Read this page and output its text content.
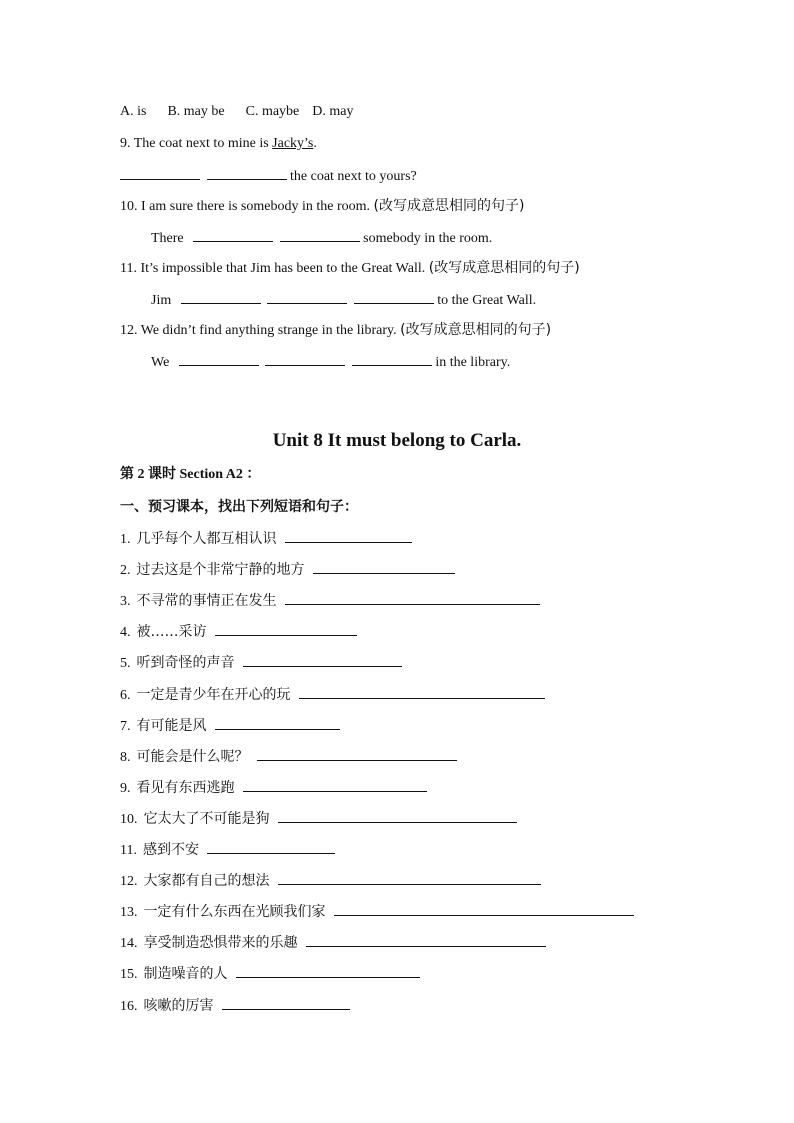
A. is B. may be C. maybe D. may
9. The coat next to mine is Jacky’s.
the coat next to yours?
10. I am sure there is somebody in the room. (改写成意思相同的句子)
There	somebody in the room.
11. It’s impossible that Jim has been to the Great Wall. (改写成意思相同的句子)
Jim	to the Great Wall.
12. We didn’t find anything strange in the library. (改写成意思相同的句子)
We	in the library.
Unit 8 It must belong to Carla.
第 2 课时 Section A2 ：
一、预习课本，找出下列短语和句子：
1. 几乎每个人都互相认识
2. 过去这是个非常宁静的地方
3. 不寻常的事情正在发生
4. 被……采访
5. 听到奇怪的声音
6. 一定是青少年在开心的玩
7. 有可能是风
8. 可能会是什么呢？
9. 看见有东西逃跑
10. 它太大了不可能是狗
11. 感到不安
12. 大家都有自己的想法
13. 一定有什么东西在光顾我们家
14. 享受制造恐惧带来的乐趣
15. 制造噪音的人
16. 咳嗽的厉害
